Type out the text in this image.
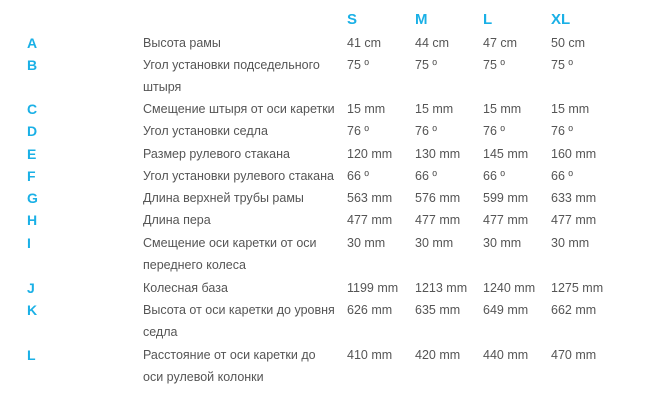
S	M	L	XL
A	Высота рамы	41 cm	44 cm	47 cm	50 cm
B	Угол установки подседельного штыря
75 º	75 º	75 º	75 º
C	Смещение штыря от оси каретки 15 mm 15 mm 15 mm 15 mm
D	Угол установки седла	76 º	76 º	76 º	76 º
E	Размер рулевого стакана	120 mm 130 mm 145 mm 160 mm
F	Угол установки рулевого стакана	66 º	66 º	66 º	66 º
G	Длина верхней трубы рамы	563 mm 576 mm 599 mm 633 mm
H	Длина пера	477 mm 477 mm 477 mm 477 mm
I	Смещение оси каретки от оси переднего колеса
30 mm 30 mm 30 mm 30 mm
J	Колесная база	1199 mm 1213 mm 1240 mm 1275 mm
K	Высота от оси каретки до уровня седла
626 mm 635 mm 649 mm 662 mm
L	Расстояние от оси каретки до оси рулевой колонки
410 mm 420 mm 440 mm 470 mm
